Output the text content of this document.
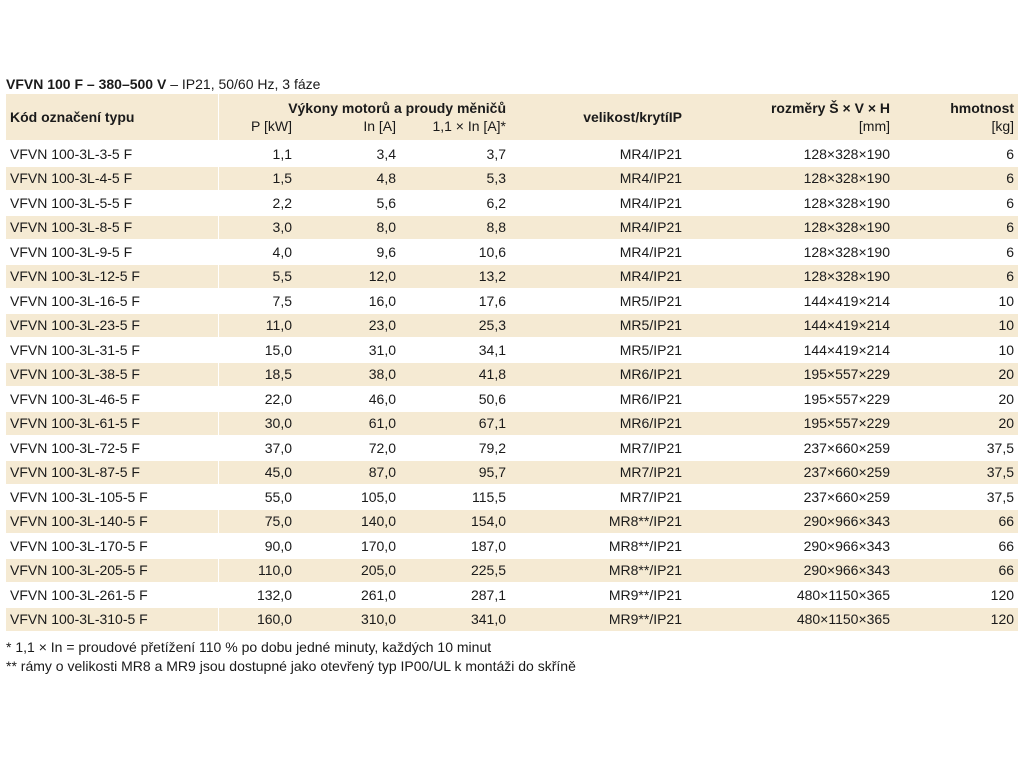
VFVN 100 F – 380–500 V – IP21, 50/60 Hz, 3 fáze
Kód označení typu	Výkony motorů a proudy měničů			velikost/krytíIP	rozměry Š × V × H	hmotnost
	P [kW]	In [A]	1,1 × In [A]*		[mm]	[kg]
VFVN 100-3L-3-5 F	1,1	3,4	3,7	MR4/IP21	128×328×190	6
VFVN 100-3L-4-5 F	1,5	4,8	5,3	MR4/IP21	128×328×190	6
VFVN 100-3L-5-5 F	2,2	5,6	6,2	MR4/IP21	128×328×190	6
VFVN 100-3L-8-5 F	3,0	8,0	8,8	MR4/IP21	128×328×190	6
VFVN 100-3L-9-5 F	4,0	9,6	10,6	MR4/IP21	128×328×190	6
VFVN 100-3L-12-5 F	5,5	12,0	13,2	MR4/IP21	128×328×190	6
VFVN 100-3L-16-5 F	7,5	16,0	17,6	MR5/IP21	144×419×214	10
VFVN 100-3L-23-5 F	11,0	23,0	25,3	MR5/IP21	144×419×214	10
VFVN 100-3L-31-5 F	15,0	31,0	34,1	MR5/IP21	144×419×214	10
VFVN 100-3L-38-5 F	18,5	38,0	41,8	MR6/IP21	195×557×229	20
VFVN 100-3L-46-5 F	22,0	46,0	50,6	MR6/IP21	195×557×229	20
VFVN 100-3L-61-5 F	30,0	61,0	67,1	MR6/IP21	195×557×229	20
VFVN 100-3L-72-5 F	37,0	72,0	79,2	MR7/IP21	237×660×259	37,5
VFVN 100-3L-87-5 F	45,0	87,0	95,7	MR7/IP21	237×660×259	37,5
VFVN 100-3L-105-5 F	55,0	105,0	115,5	MR7/IP21	237×660×259	37,5
VFVN 100-3L-140-5 F	75,0	140,0	154,0	MR8**/IP21	290×966×343	66
VFVN 100-3L-170-5 F	90,0	170,0	187,0	MR8**/IP21	290×966×343	66
VFVN 100-3L-205-5 F	110,0	205,0	225,5	MR8**/IP21	290×966×343	66
VFVN 100-3L-261-5 F	132,0	261,0	287,1	MR9**/IP21	480×1150×365	120
VFVN 100-3L-310-5 F	160,0	310,0	341,0	MR9**/IP21	480×1150×365	120
* 1,1 × In = proudové přetížení 110 % po dobu jedné minuty, každých 10 minut
** rámy o velikosti MR8 a MR9 jsou dostupné jako otevřený typ IP00/UL k montáži do skříně
